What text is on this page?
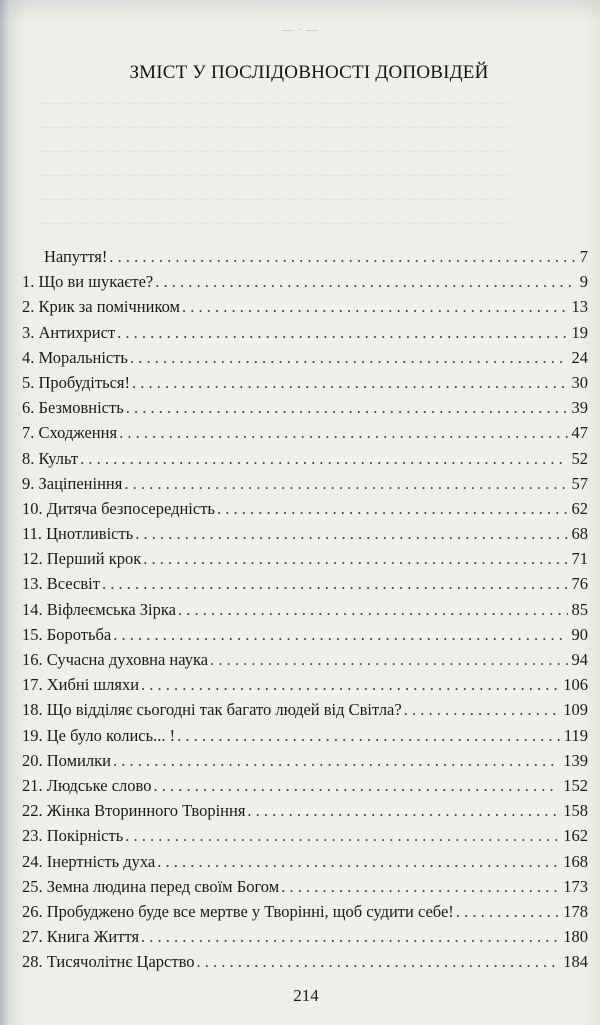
— · —
— — — — — — — — — — — — — — — — — — — — — — — — — — —
— — — — — — — — — — — — — — — — — — — — — — — — — — —
— — — — — — — — — — — — — — — — — — — — — — — — — — —
— — — — — — — — — — — — — — — — — — — — — — — — — — —
— — — — — — — — — — — — — — — — — — — — — — — — — — —
— — — — — — — — — — — — — — — — — — — — — — — — — — —
ЗМІСТ У ПОСЛІДОВНОСТІ ДОПОВІДЕЙ
Напуття! . . .	7
1. Що ви шукаєте? . . .	9
2. Крик за помічником . . .	13
3. Антихрист . . .	19
4. Моральність . . .	24
5. Пробудіться! . . .	30
6. Безмовність . . .	39
7. Сходження . . .	47
8. Культ . . .	52
9. Заціпеніння . . .	57
10. Дитяча безпосередність . . .	62
11. Цнотливість . . .	68
12. Перший крок . . .	71
13. Всесвіт . . .	76
14. Віфлеємська Зірка . . .	85
15. Боротьба . . .	90
16. Сучасна духовна наука . . .	94
17. Хибні шляхи . . .	106
18. Що відділяє сьогодні так багато людей від Світла? . . .	109
19. Це було колись... ! . . .	119
20. Помилки . . .	139
21. Людське слово . . .	152
22. Жінка Вторинного Творіння . . .	158
23. Покірність . . .	162
24. Інертність духа . . .	168
25. Земна людина перед своїм Богом . . .	173
26. Пробуджено буде все мертве у Творінні, щоб судити себе! . . .	178
27. Книга Життя . . .	180
28. Тисячолітнє Царство . . .	184
214
